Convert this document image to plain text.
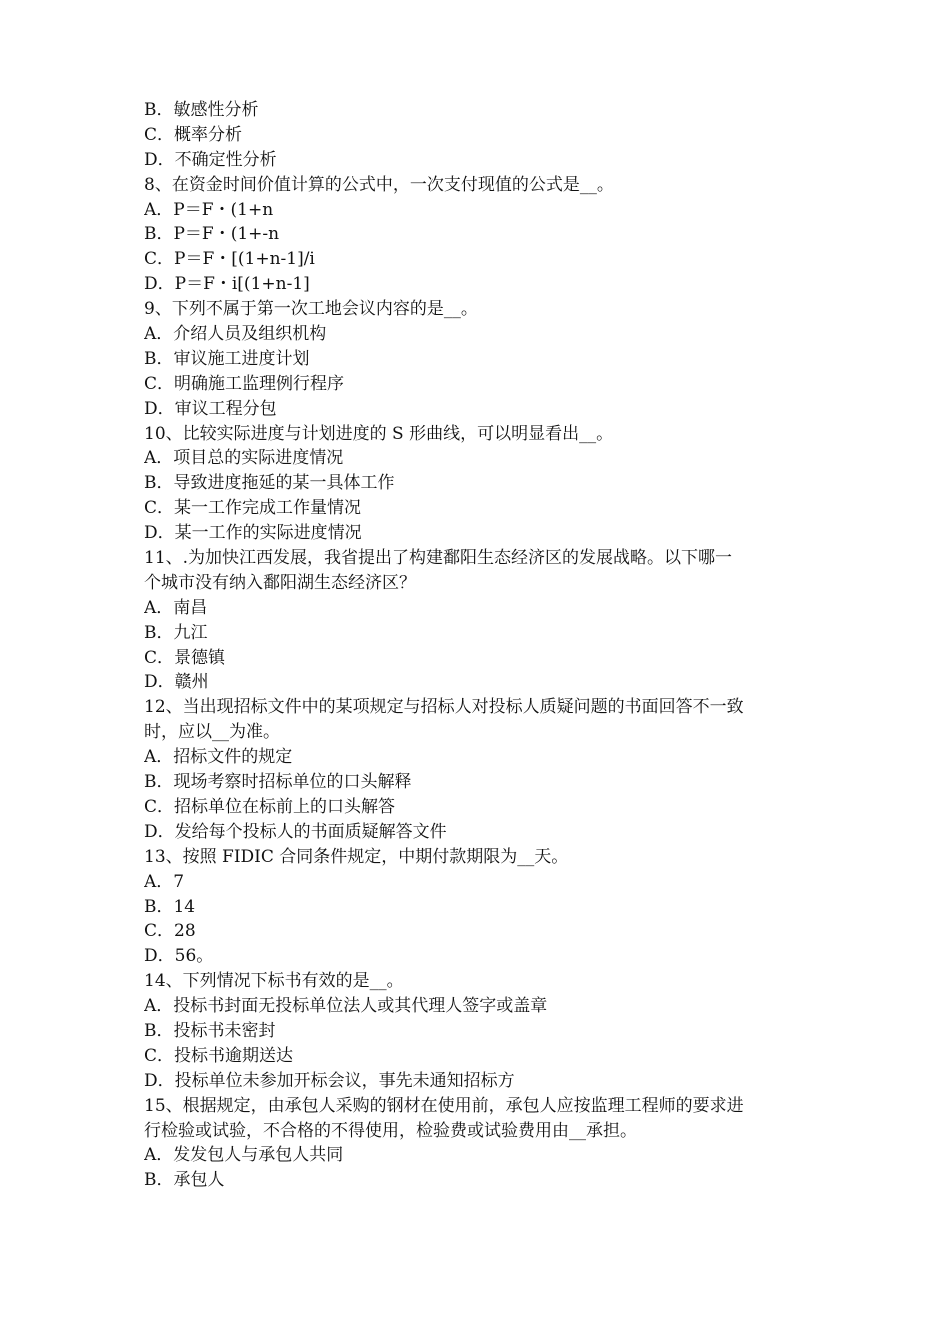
B．敏感性分析
C．概率分析
D．不确定性分析
8、在资金时间价值计算的公式中，一次支付现值的公式是__。
A．P＝F・(1+n
B．P＝F・(1+-n
C．P＝F・[(1+n-1]/i
D．P＝F・i[(1+n-1]
9、下列不属于第一次工地会议内容的是__。
A．介绍人员及组织机构
B．审议施工进度计划
C．明确施工监理例行程序
D．审议工程分包
10、比较实际进度与计划进度的 S 形曲线，可以明显看出__。
A．项目总的实际进度情况
B．导致进度拖延的某一具体工作
C．某一工作完成工作量情况
D．某一工作的实际进度情况
11、.为加快江西发展，我省提出了构建鄱阳生态经济区的发展战略。以下哪一
个城市没有纳入鄱阳湖生态经济区？
A．南昌
B．九江
C．景德镇
D．赣州
12、当出现招标文件中的某项规定与招标人对投标人质疑问题的书面回答不一致
时，应以__为准。
A．招标文件的规定
B．现场考察时招标单位的口头解释
C．招标单位在标前上的口头解答
D．发给每个投标人的书面质疑解答文件
13、按照 FIDIC 合同条件规定，中期付款期限为__天。
A．7
B．14
C．28
D．56。
14、下列情况下标书有效的是__。
A．投标书封面无投标单位法人或其代理人签字或盖章
B．投标书未密封
C．投标书逾期送达
D．投标单位未参加开标会议，事先未通知招标方
15、根据规定，由承包人采购的钢材在使用前，承包人应按监理工程师的要求进
行检验或试验，不合格的不得使用，检验费或试验费用由__承担。
A．发发包人与承包人共同
B．承包人
